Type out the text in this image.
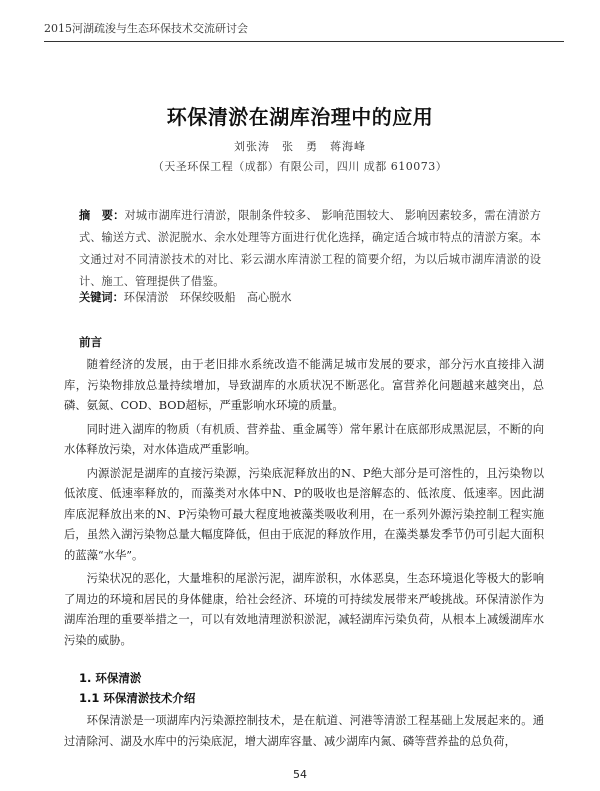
2015河湖疏浚与生态环保技术交流研讨会
环保清淤在湖库治理中的应用
刘张涛　张　勇　蒋海峰
（天圣环保工程（成都）有限公司，四川 成都 610073）
摘　要：对城市湖库进行清淤，限制条件较多、 影响范围较大、 影响因素较多，需在清淤方式、输送方式、淤泥脱水、余水处理等方面进行优化选择，确定适合城市特点的清淤方案。本文通过对不同清淤技术的对比、彩云湖水库清淤工程的简要介绍，为以后城市湖库清淤的设计、施工、管理提供了借鉴。
关键词：环保清淤　环保绞吸船　高心脱水
前言

随着经济的发展，由于老旧排水系统改造不能满足城市发展的要求，部分污水直接排入湖库，污染物排放总量持续增加，导致湖库的水质状况不断恶化。富营养化问题越来越突出，总磷、氨氮、COD、BOD超标，严重影响水环境的质量。

同时进入湖库的物质（有机质、营养盐、重金属等）常年累计在底部形成黑泥层，不断的向水体释放污染，对水体造成严重影响。

内源淤泥是湖库的直接污染源，污染底泥释放出的N、P绝大部分是可溶性的，且污染物以低浓度、低速率释放的，而藻类对水体中N、P的吸收也是溶解态的、低浓度、低速率。因此湖库底泥释放出来的N、P污染物可最大程度地被藻类吸收利用，在一系列外源污染控制工程实施后，虽然入湖污染物总量大幅度降低，但由于底泥的释放作用，在藻类暴发季节仍可引起大面积的蓝藻“水华”。

污染状况的恶化，大量堆积的尾淤污泥，湖库淤积，水体恶臭，生态环境退化等极大的影响了周边的环境和居民的身体健康，给社会经济、环境的可持续发展带来严峻挑战。环保清淤作为湖库治理的重要举措之一，可以有效地清理淤积淤泥，减轻湖库污染负荷，从根本上减缓湖库水污染的威胁。

1. 环保清淤
1.1 环保清淤技术介绍

环保清淤是一项湖库内污染源控制技术，是在航道、河港等清淤工程基础上发展起来的。通过清除河、湖及水库中的污染底泥，增大湖库容量、减少湖库内氮、磷等营养盐的总负荷，

54
